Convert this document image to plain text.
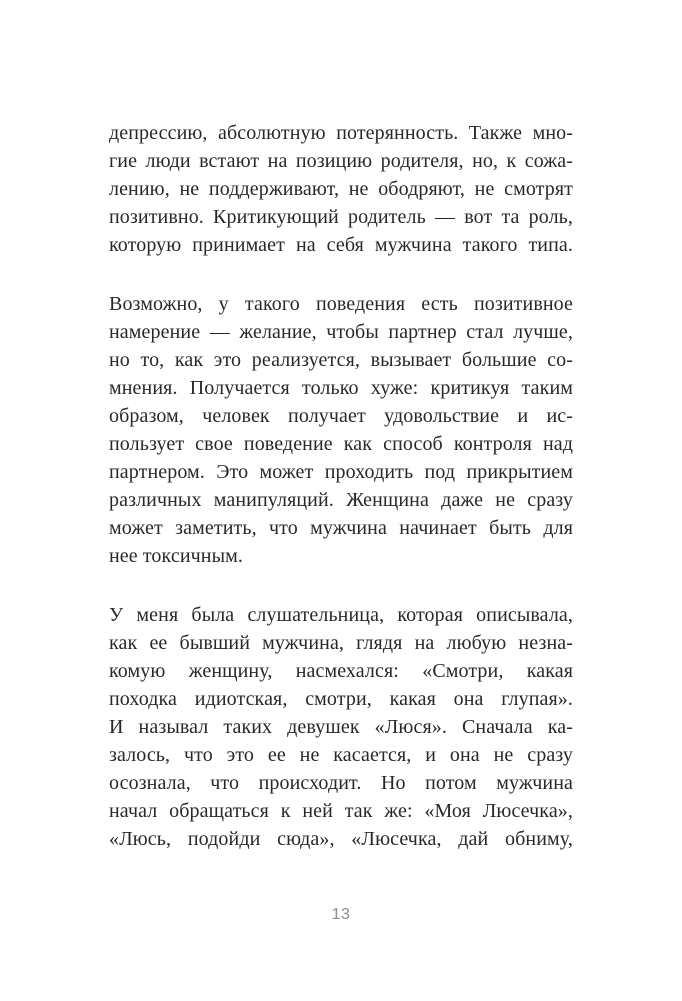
депрессию, абсолютную потерянность. Также мно-
гие люди встают на позицию родителя, но, к сожа-
лению, не поддерживают, не ободряют, не смотрят
позитивно. Критикующий родитель — вот та роль,
которую принимает на себя мужчина такого типа.
Возможно, у такого поведения есть позитивное
намерение — желание, чтобы партнер стал лучше,
но то, как это реализуется, вызывает большие со-
мнения. Получается только хуже: критикуя таким
образом, человек получает удовольствие и ис-
пользует свое поведение как способ контроля над
партнером. Это может проходить под прикрытием
различных манипуляций. Женщина даже не сразу
может заметить, что мужчина начинает быть для
нее токсичным.
У меня была слушательница, которая описывала,
как ее бывший мужчина, глядя на любую незна-
комую женщину, насмехался: «Смотри, какая
походка идиотская, смотри, какая она глупая».
И называл таких девушек «Люся». Сначала ка-
залось, что это ее не касается, и она не сразу
осознала, что происходит. Но потом мужчина
начал обращаться к ней так же: «Моя Люсечка»,
«Люсь, подойди сюда», «Люсечка, дай обниму,
13
